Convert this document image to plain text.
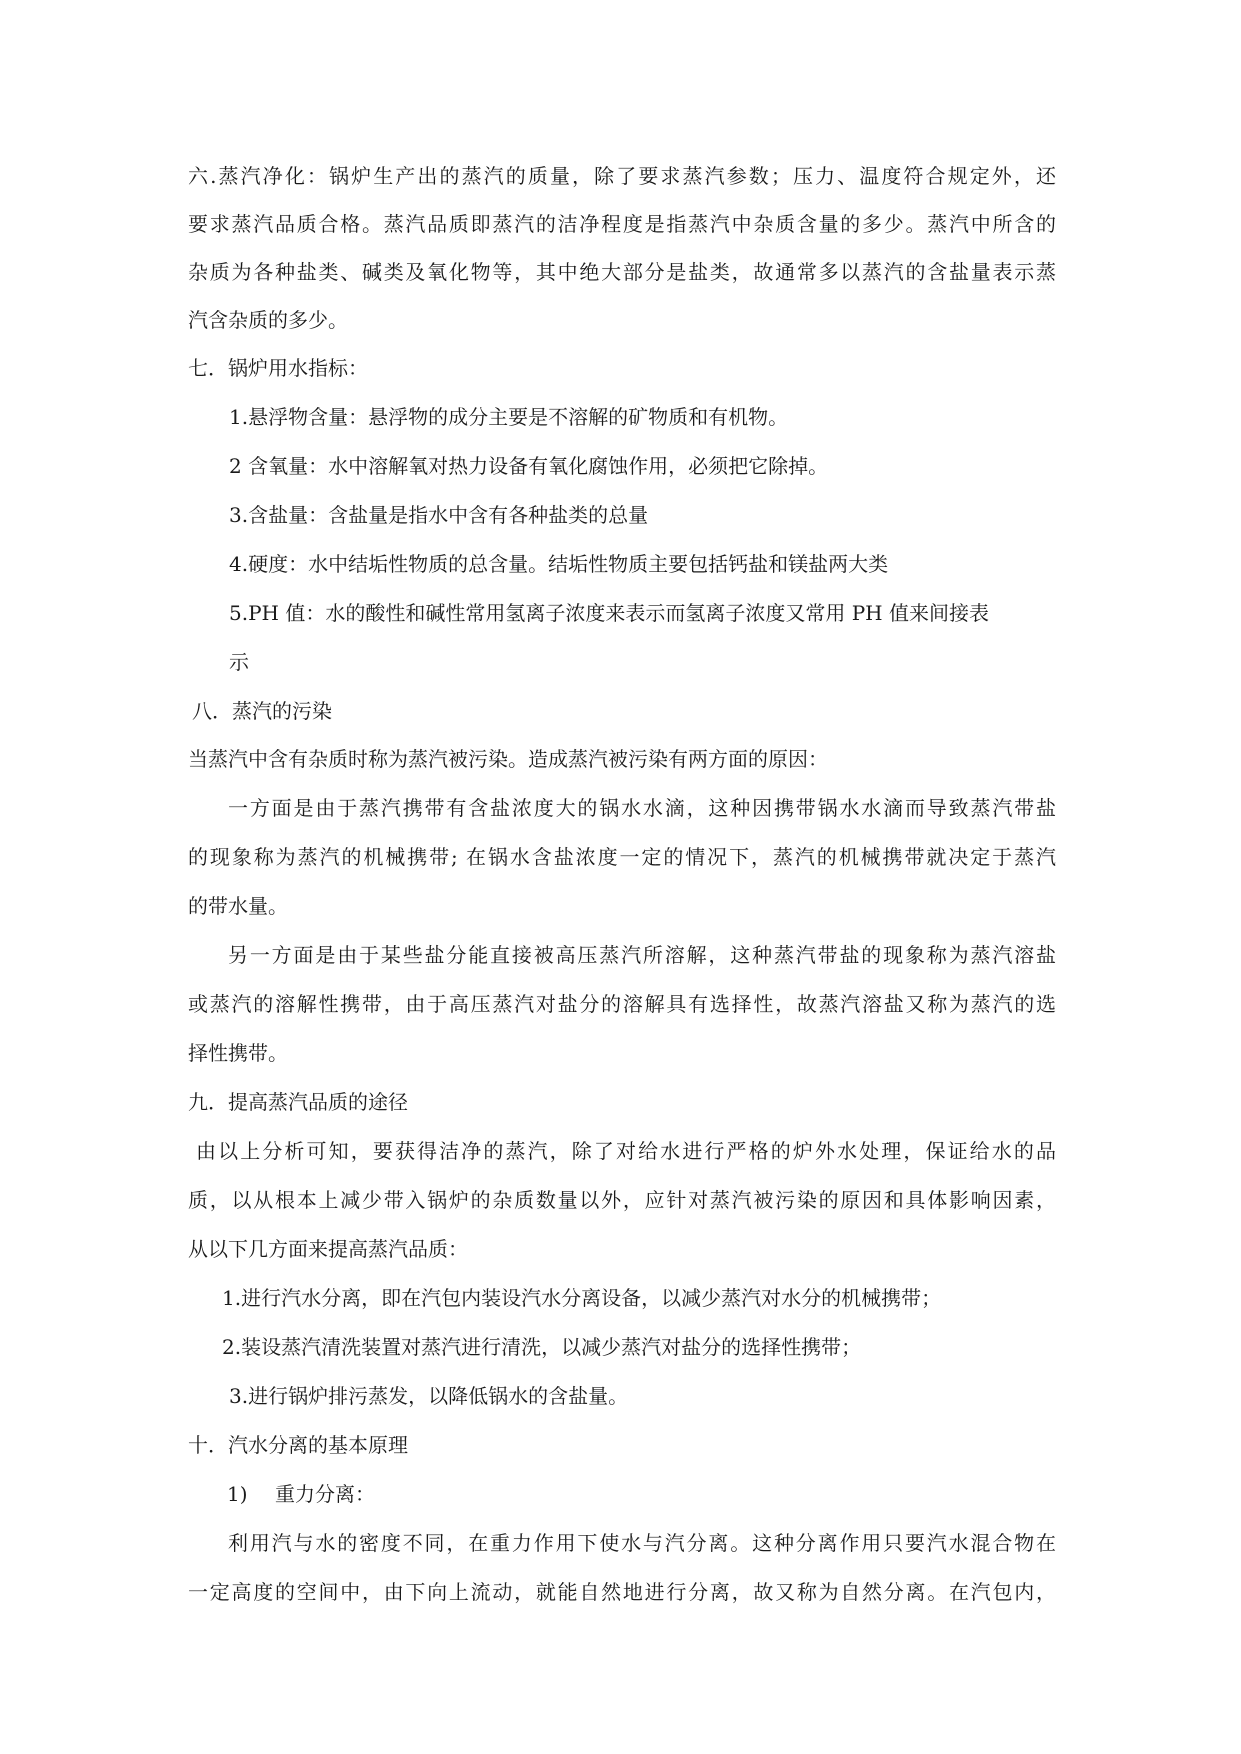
六.蒸汽净化：锅炉生产出的蒸汽的质量，除了要求蒸汽参数；压力、温度符合规定外，还
要求蒸汽品质合格。蒸汽品质即蒸汽的洁净程度是指蒸汽中杂质含量的多少。蒸汽中所含的
杂质为各种盐类、碱类及氧化物等，其中绝大部分是盐类，故通常多以蒸汽的含盐量表示蒸
汽含杂质的多少。
七．锅炉用水指标：
1.悬浮物含量：悬浮物的成分主要是不溶解的矿物质和有机物。
2 含氧量：水中溶解氧对热力设备有氧化腐蚀作用，必须把它除掉。
3.含盐量：含盐量是指水中含有各种盐类的总量
4.硬度：水中结垢性物质的总含量。结垢性物质主要包括钙盐和镁盐两大类
5.PH 值：水的酸性和碱性常用氢离子浓度来表示而氢离子浓度又常用 PH 值来间接表
示
八．蒸汽的污染
当蒸汽中含有杂质时称为蒸汽被污染。造成蒸汽被污染有两方面的原因：
一方面是由于蒸汽携带有含盐浓度大的锅水水滴，这种因携带锅水水滴而导致蒸汽带盐
的现象称为蒸汽的机械携带; 在锅水含盐浓度一定的情况下，蒸汽的机械携带就决定于蒸汽
的带水量。
另一方面是由于某些盐分能直接被高压蒸汽所溶解，这种蒸汽带盐的现象称为蒸汽溶盐
或蒸汽的溶解性携带，由于高压蒸汽对盐分的溶解具有选择性，故蒸汽溶盐又称为蒸汽的选
择性携带。
九．提高蒸汽品质的途径
由以上分析可知，要获得洁净的蒸汽，除了对给水进行严格的炉外水处理，保证给水的品
质，以从根本上减少带入锅炉的杂质数量以外，应针对蒸汽被污染的原因和具体影响因素，
从以下几方面来提高蒸汽品质：
1.进行汽水分离，即在汽包内装设汽水分离设备，以减少蒸汽对水分的机械携带；
2.装设蒸汽清洗装置对蒸汽进行清洗，以减少蒸汽对盐分的选择性携带；
3.进行锅炉排污蒸发，以降低锅水的含盐量。
十．汽水分离的基本原理
1) 重力分离：
利用汽与水的密度不同，在重力作用下使水与汽分离。这种分离作用只要汽水混合物在
一定高度的空间中，由下向上流动，就能自然地进行分离，故又称为自然分离。在汽包内，
